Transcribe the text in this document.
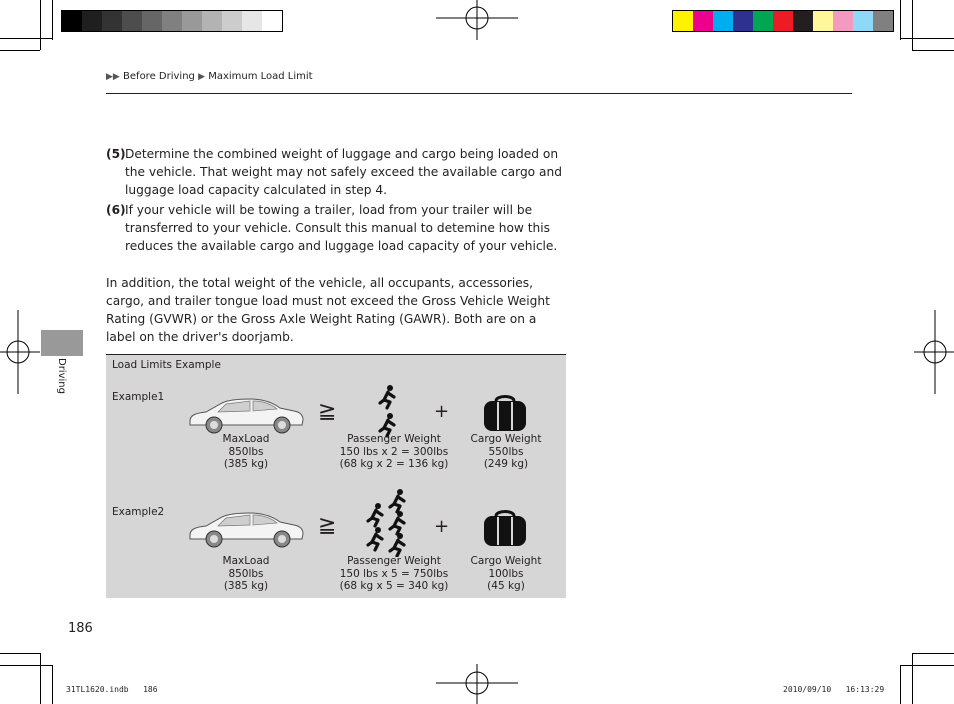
▶▶ Before Driving ▶ Maximum Load Limit
Driving
(5) Determine the combined weight of luggage and cargo being loaded on
the vehicle. That weight may not safely exceed the available cargo and
luggage load capacity calculated in step 4.
(6) If your vehicle will be towing a trailer, load from your trailer will be
transferred to your vehicle. Consult this manual to detemine how this
reduces the available cargo and luggage load capacity of your vehicle.
In addition, the total weight of the vehicle, all occupants, accessories,
cargo, and trailer tongue load must not exceed the Gross Vehicle Weight
Rating (GVWR) or the Gross Axle Weight Rating (GAWR). Both are on a
label on the driver's doorjamb.
Load Limits Example
Example1
≧	+
MaxLoad
850lbs
(385 kg)
Passenger Weight
150 lbs x 2 = 300lbs
(68 kg x 2 = 136 kg)
Cargo Weight
550lbs
(249 kg)
Example2
≧	+
MaxLoad
850lbs
(385 kg)
Passenger Weight
150 lbs x 5 = 750lbs
(68 kg x 5 = 340 kg)
Cargo Weight
100lbs
(45 kg)
186
31TL1620.indb   186	2010/09/10   16:13:29
